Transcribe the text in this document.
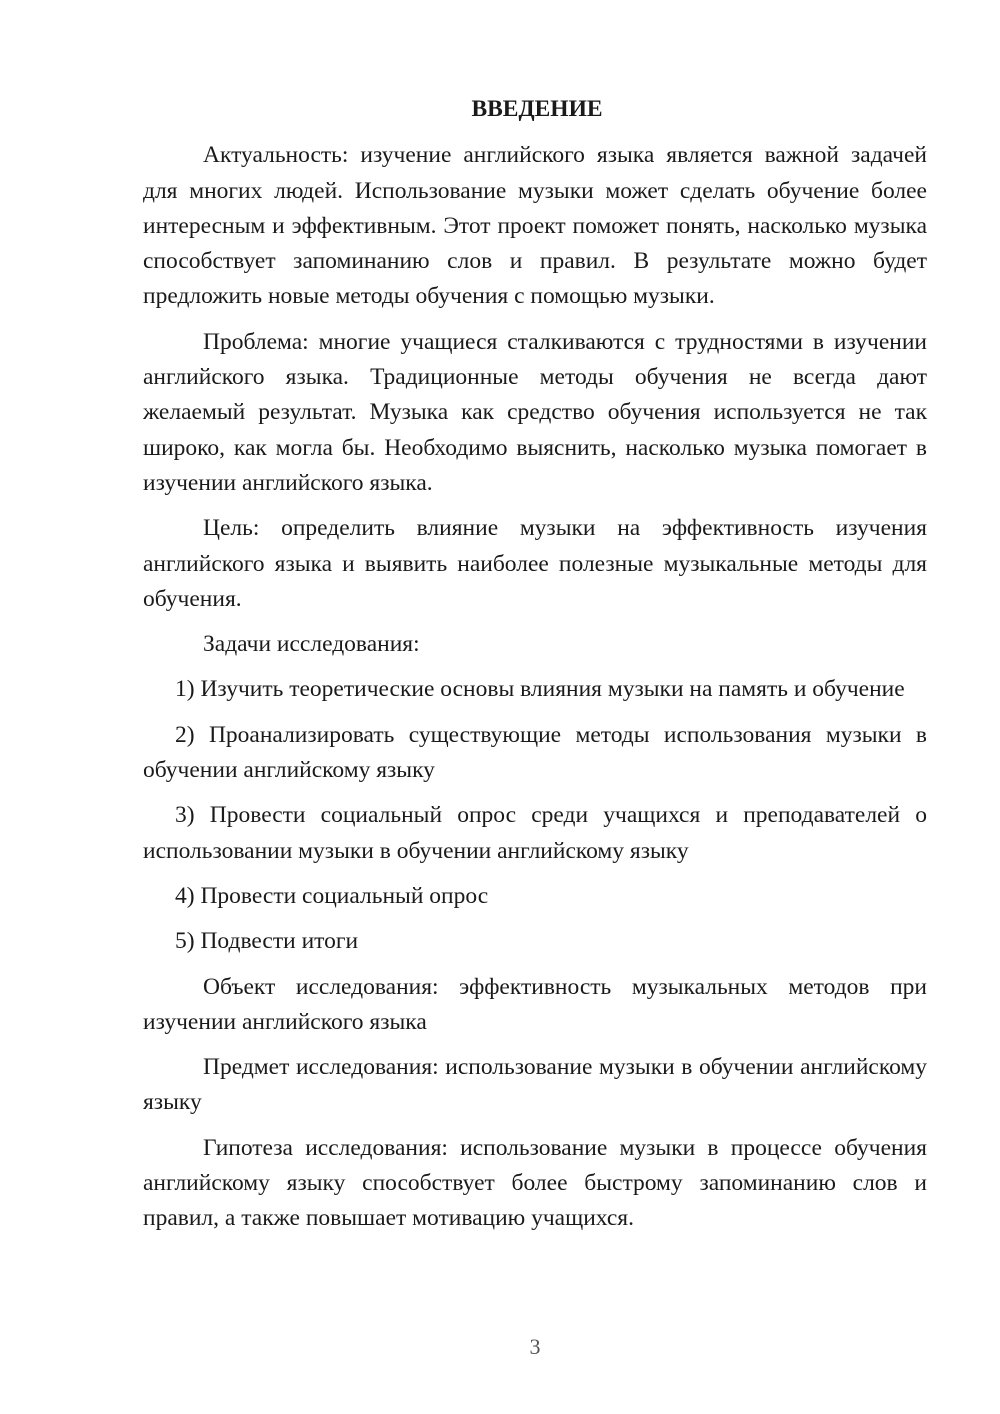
ВВЕДЕНИЕ

Актуальность: изучение английского языка является важной задачей для многих людей. Использование музыки может сделать обучение более интересным и эффективным. Этот проект поможет понять, насколько музыка способствует запоминанию слов и правил. В результате можно будет предложить новые методы обучения с помощью музыки.

Проблема: многие учащиеся сталкиваются с трудностями в изучении английского языка. Традиционные методы обучения не всегда дают желаемый результат. Музыка как средство обучения используется не так широко, как могла бы. Необходимо выяснить, насколько музыка помогает в изучении английского языка.

Цель: определить влияние музыки на эффективность изучения английского языка и выявить наиболее полезные музыкальные методы для обучения.

Задачи исследования:

1) Изучить теоретические основы влияния музыки на память и обучение

2) Проанализировать существующие методы использования музыки в обучении английскому языку

3) Провести социальный опрос среди учащихся и преподавателей о использовании музыки в обучении английскому языку

4) Провести социальный опрос

5) Подвести итоги

Объект исследования: эффективность музыкальных методов при изучении английского языка

Предмет исследования: использование музыки в обучении английскому языку

Гипотеза исследования: использование музыки в процессе обучения английскому языку способствует более быстрому запоминанию слов и правил, а также повышает мотивацию учащихся.

3
